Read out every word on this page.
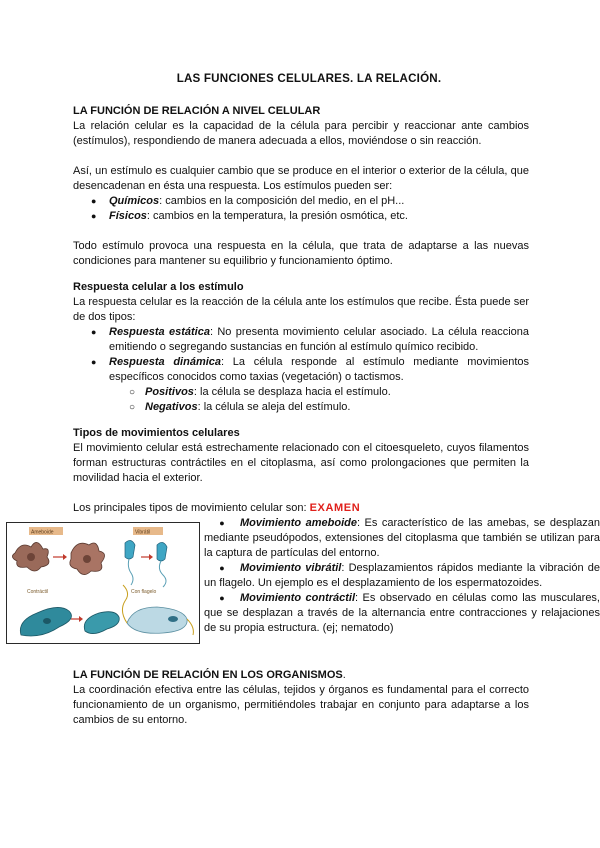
LAS FUNCIONES CELULARES. LA RELACIÓN.
LA FUNCIÓN DE RELACIÓN A NIVEL CELULAR
La relación celular es la capacidad de la célula para percibir y reaccionar ante cambios (estímulos), respondiendo de manera adecuada a ellos, moviéndose o sin reacción.
Así, un estímulo es cualquier cambio que se produce en el interior o exterior de la célula, que desencadenan en ésta una respuesta. Los estímulos pueden ser:
● Químicos: cambios en la composición del medio, en el pH...
● Físicos: cambios en la temperatura, la presión osmótica, etc.
Todo estímulo provoca una respuesta en la célula, que trata de adaptarse a las nuevas condiciones para mantener su equilibrio y funcionamiento óptimo.
Respuesta celular a los estímulo
La respuesta celular es la reacción de la célula ante los estímulos que recibe. Ésta puede ser de dos tipos:
● Respuesta estática: No presenta movimiento celular asociado. La célula reacciona emitiendo o segregando sustancias en función al estímulo químico recibido.
● Respuesta dinámica: La célula responde al estímulo mediante movimientos específicos conocidos como taxias (vegetación) o tactismos.
○ Positivos: la célula se desplaza hacia el estímulo.
○ Negativos: la célula se aleja del estímulo.
Tipos de movimientos celulares
El movimiento celular está estrechamente relacionado con el citoesqueleto, cuyos filamentos forman estructuras contráctiles en el citoplasma, así como prolongaciones que permiten la movilidad hacia el exterior.
Los principales tipos de movimiento celular son: EXAMEN
Ameboide	Vibrátil
Contráctil	Con flagelo
● Movimiento ameboide: Es característico de las amebas, se desplazan mediante pseudópodos, extensiones del citoplasma que también se utilizan para la captura de partículas del entorno.
● Movimiento vibrátil: Desplazamientos rápidos mediante la vibración de un flagelo. Un ejemplo es el desplazamiento de los espermatozoides.
● Movimiento contráctil: Es observado en células como las musculares, que se desplazan a través de la alternancia entre contracciones y relajaciones de su propia estructura. (ej; nematodo)
LA FUNCIÓN DE RELACIÓN EN LOS ORGANISMOS.
La coordinación efectiva entre las células, tejidos y órganos es fundamental para el correcto funcionamiento de un organismo, permitiéndoles trabajar en conjunto para adaptarse a los cambios de su entorno.
